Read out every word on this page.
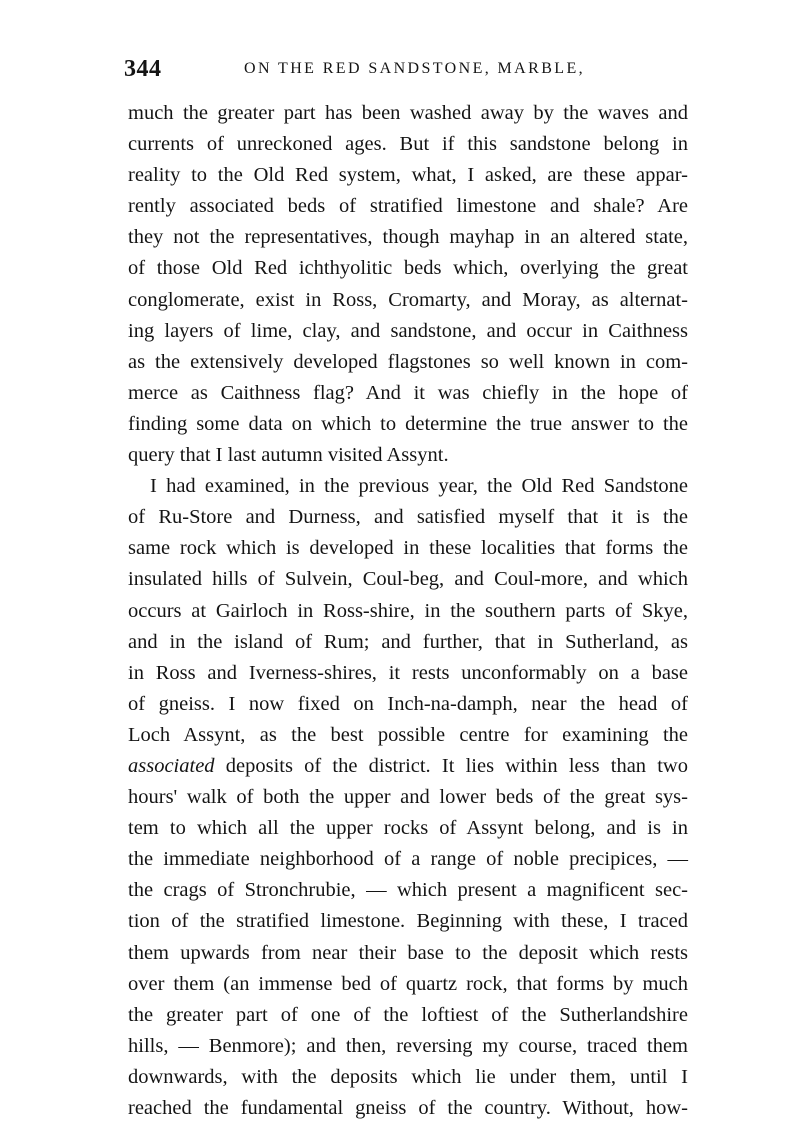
344	ON THE RED SANDSTONE, MARBLE,
much the greater part has been washed away by the waves and
currents of unreckoned ages. But if this sandstone belong in
reality to the Old Red system, what, I asked, are these appar-
rently associated beds of stratified limestone and shale? Are
they not the representatives, though mayhap in an altered state,
of those Old Red ichthyolitic beds which, overlying the great
conglomerate, exist in Ross, Cromarty, and Moray, as alternat-
ing layers of lime, clay, and sandstone, and occur in Caithness
as the extensively developed flagstones so well known in com-
merce as Caithness flag? And it was chiefly in the hope of
finding some data on which to determine the true answer to the
query that I last autumn visited Assynt.
I had examined, in the previous year, the Old Red Sandstone
of Ru-Store and Durness, and satisfied myself that it is the
same rock which is developed in these localities that forms the
insulated hills of Sulvein, Coul-beg, and Coul-more, and which
occurs at Gairloch in Ross-shire, in the southern parts of Skye,
and in the island of Rum; and further, that in Sutherland, as
in Ross and Iverness-shires, it rests unconformably on a base
of gneiss. I now fixed on Inch-na-damph, near the head of
Loch Assynt, as the best possible centre for examining the
associated deposits of the district. It lies within less than two
hours' walk of both the upper and lower beds of the great sys-
tem to which all the upper rocks of Assynt belong, and is in
the immediate neighborhood of a range of noble precipices, —
the crags of Stronchrubie, — which present a magnificent sec-
tion of the stratified limestone. Beginning with these, I traced
them upwards from near their base to the deposit which rests
over them (an immense bed of quartz rock, that forms by much
the greater part of one of the loftiest of the Sutherlandshire
hills, — Benmore); and then, reversing my course, traced them
downwards, with the deposits which lie under them, until I
reached the fundamental gneiss of the country. Without, how-
